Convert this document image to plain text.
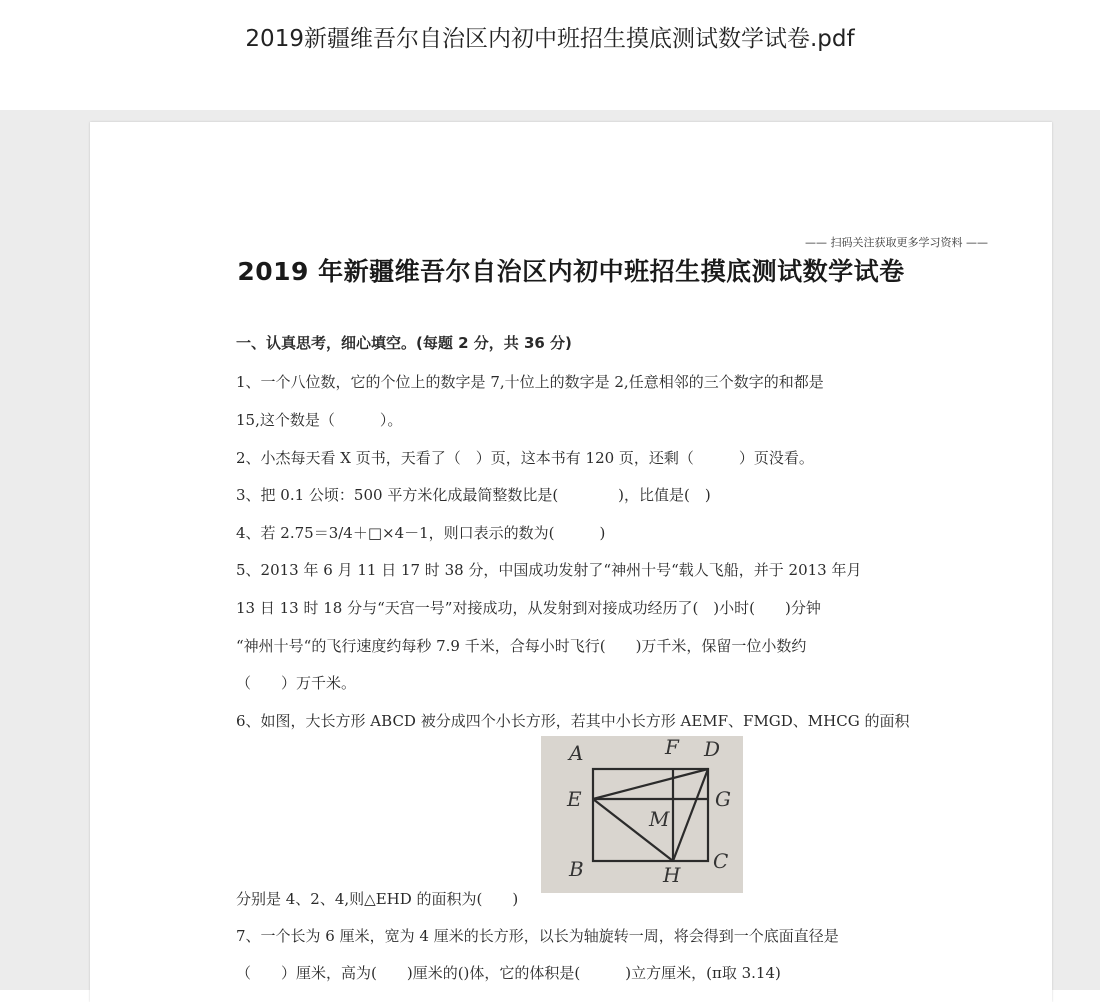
2019新疆维吾尔自治区内初中班招生摸底测试数学试卷.pdf
—— 扫码关注获取更多学习资料 ——
2019 年新疆维吾尔自治区内初中班招生摸底测试数学试卷
一、认真思考，细心填空。(每题 2 分，共 36 分)
1、一个八位数，它的个位上的数字是 7,十位上的数字是 2,任意相邻的三个数字的和都是
15,这个数是（　　　）。
2、小杰每天看 X 页书，天看了（　）页，这本书有 120 页，还剩（　　　）页没看。
3、把 0.1 公顷：500 平方米化成最简整数比是(　　　　)，比值是(　)
4、若 2.75＝3/4＋□×4－1，则口表示的数为(　　　)
5、2013 年 6 月 11 日 17 时 38 分，中国成功发射了“神州十号“载人飞船，并于 2013 年月
13 日 13 时 18 分与“天宫一号”对接成功，从发射到对接成功经历了(　)小时(　　)分钟
“神州十号“的飞行速度约每秒 7.9 千米，合每小时飞行(　　)万千米，保留一位小数约
（　　）万千米。
6、如图，大长方形 ABCD 被分成四个小长方形，若其中小长方形 AEMF、FMGD、MHCG 的面积
A	F D
E	G
M
B	H
C
分别是 4、2、4,则△EHD 的面积为(　　)
7、一个长为 6 厘米，宽为 4 厘米的长方形，以长为轴旋转一周，将会得到一个底面直径是
（　　）厘米，高为(　　)厘米的()体，它的体积是(　　　)立方厘米，(π取 3.14)
